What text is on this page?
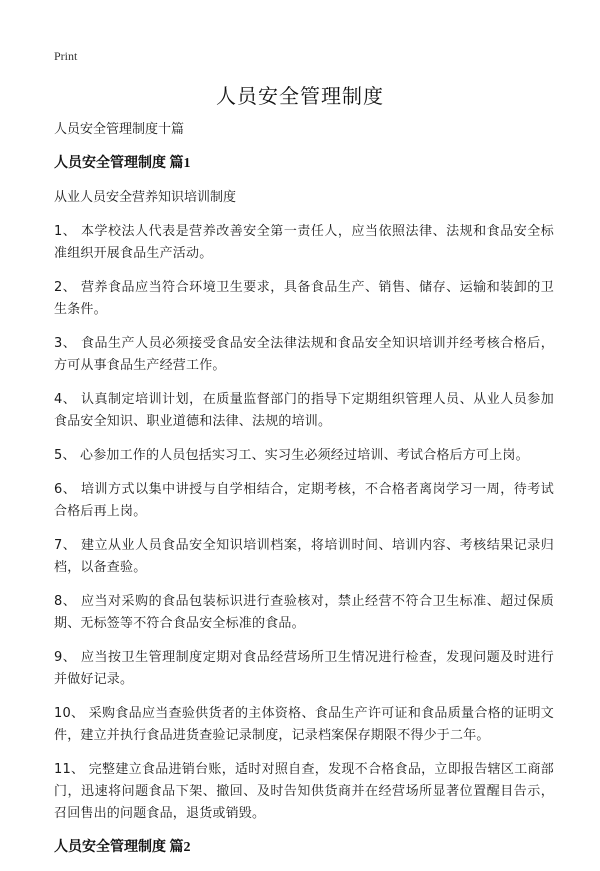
Print
人员安全管理制度

人员安全管理制度十篇

人员安全管理制度 篇1

从业人员安全营养知识培训制度

1、 本学校法人代表是营养改善安全第一责任人，应当依照法律、法规和食品安全标准组织开展食品生产活动。

2、 营养食品应当符合环境卫生要求，具备食品生产、销售、储存、运输和装卸的卫生条件。

3、 食品生产人员必须接受食品安全法律法规和食品安全知识培训并经考核合格后，方可从事食品生产经营工作。

4、 认真制定培训计划，在质量监督部门的指导下定期组织管理人员、从业人员参加食品安全知识、职业道德和法律、法规的培训。

5、 心参加工作的人员包括实习工、实习生必须经过培训、考试合格后方可上岗。

6、 培训方式以集中讲授与自学相结合，定期考核，不合格者离岗学习一周，待考试合格后再上岗。

7、 建立从业人员食品安全知识培训档案，将培训时间、培训内容、考核结果记录归档，以备查验。

8、 应当对采购的食品包装标识进行查验核对，禁止经营不符合卫生标准、超过保质期、无标签等不符合食品安全标准的食品。

9、 应当按卫生管理制度定期对食品经营场所卫生情况进行检查，发现问题及时进行并做好记录。

10、 采购食品应当查验供货者的主体资格、食品生产许可证和食品质量合格的证明文件，建立并执行食品进货查验记录制度，记录档案保存期限不得少于二年。

11、 完整建立食品进销台账，适时对照自查，发现不合格食品，立即报告辖区工商部门，迅速将问题食品下架、撤回、及时告知供货商并在经营场所显著位置醒目告示，召回售出的问题食品，退货或销毁。

人员安全管理制度 篇2
